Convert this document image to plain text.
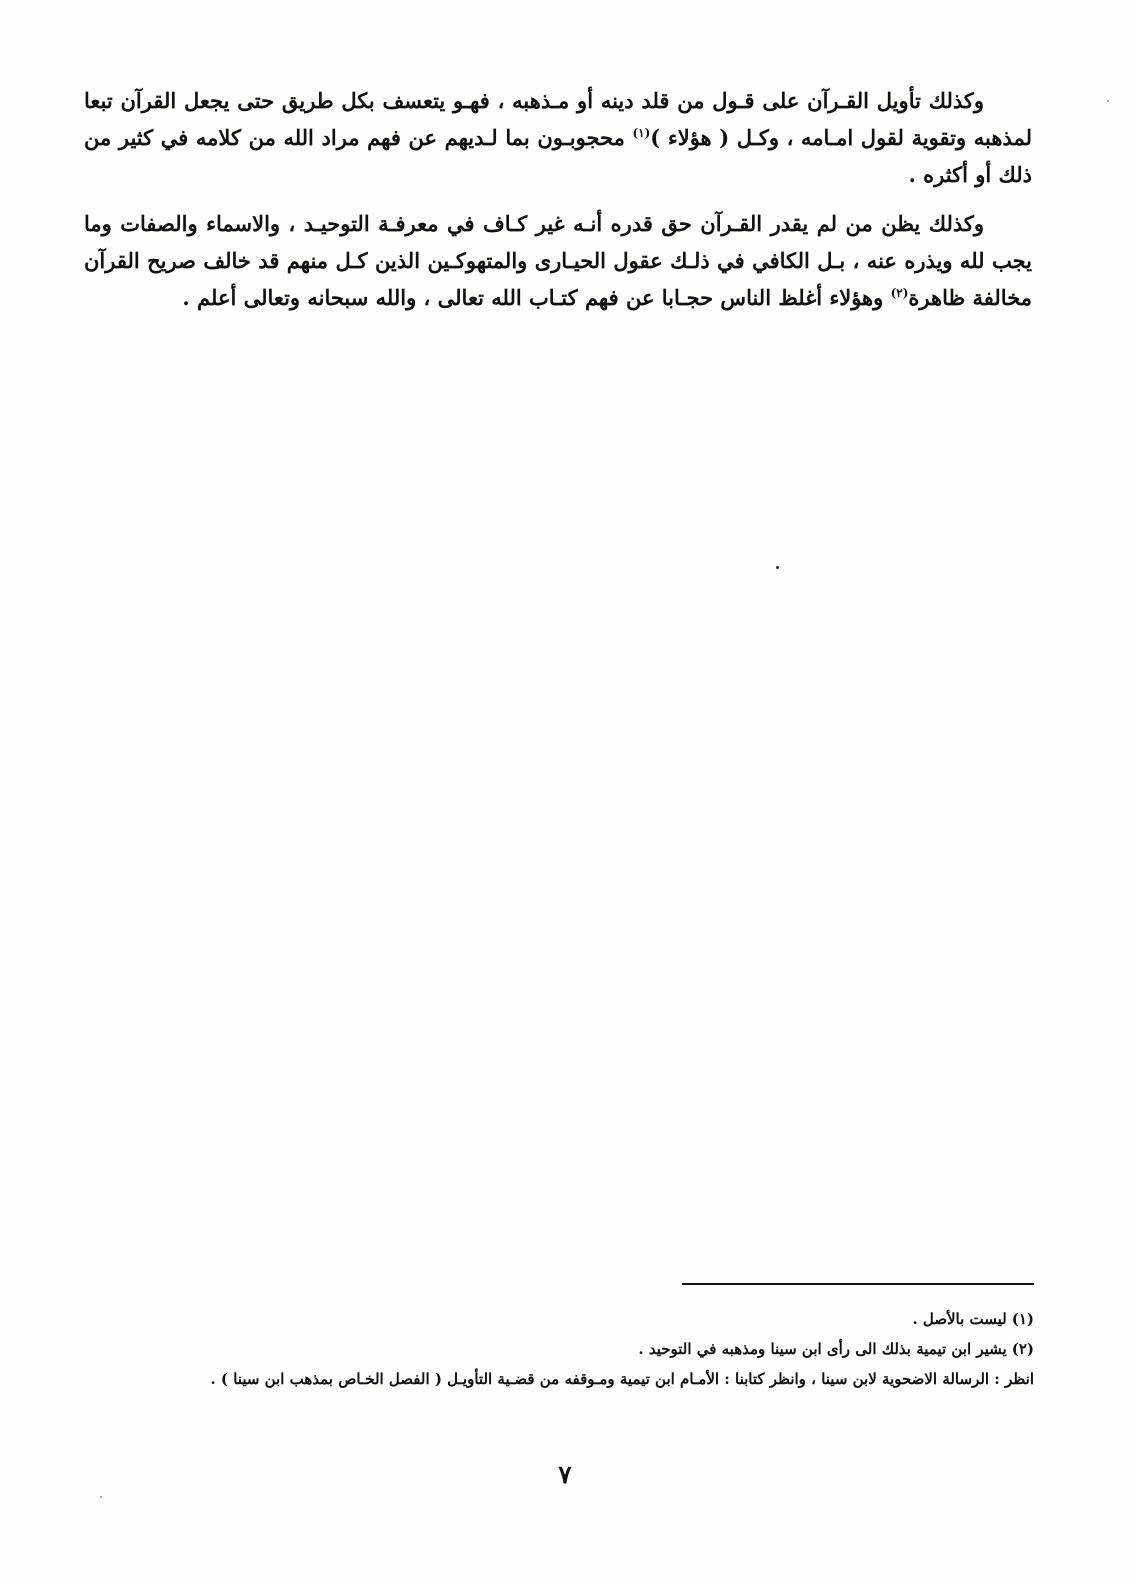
وكذلك تأويل القـرآن على قـول من قلد دينه أو مـذهبه ، فهـو يتعسف بكل طريق حتى يجعل القرآن تبعا لمذهبه وتقوية لقول امـامه ، وكـل ( هؤلاء )$^{(١)}$ محجوبـون بما لـديهم عن فهم مراد الله من كلامه في كثير من ذلك أو أكثره .

وكذلك يظن من لم يقدر القـرآن حق قدره أنـه غير كـاف في معرفـة التوحيـد ، والاسماء والصفات وما يجب لله ويذره عنه ، بـل الكافي في ذلـك عقول الحيـارى والمتهوكـين الذين كـل منهم قد خالف صريح القرآن مخالفة ظاهرة$^{(٢)}$ وهؤلاء أغلظ الناس حجـابا عن فهم كتـاب الله تعالى ، والله سبحانه وتعالى أعلم .

(١)ليست بالأصل .
(٢)يشير ابن تيمية بذلك الى رأى ابن سينا ومذهبه في التوحيد .
انظر : الرسالة الاضحوية لابن سينا ، وانظر كتابنا : الأمـام ابن تيمية ومـوقفه من قضـية التأويـل ( الفصل الخـاص بمذهب ابن سينا ) .
٧
